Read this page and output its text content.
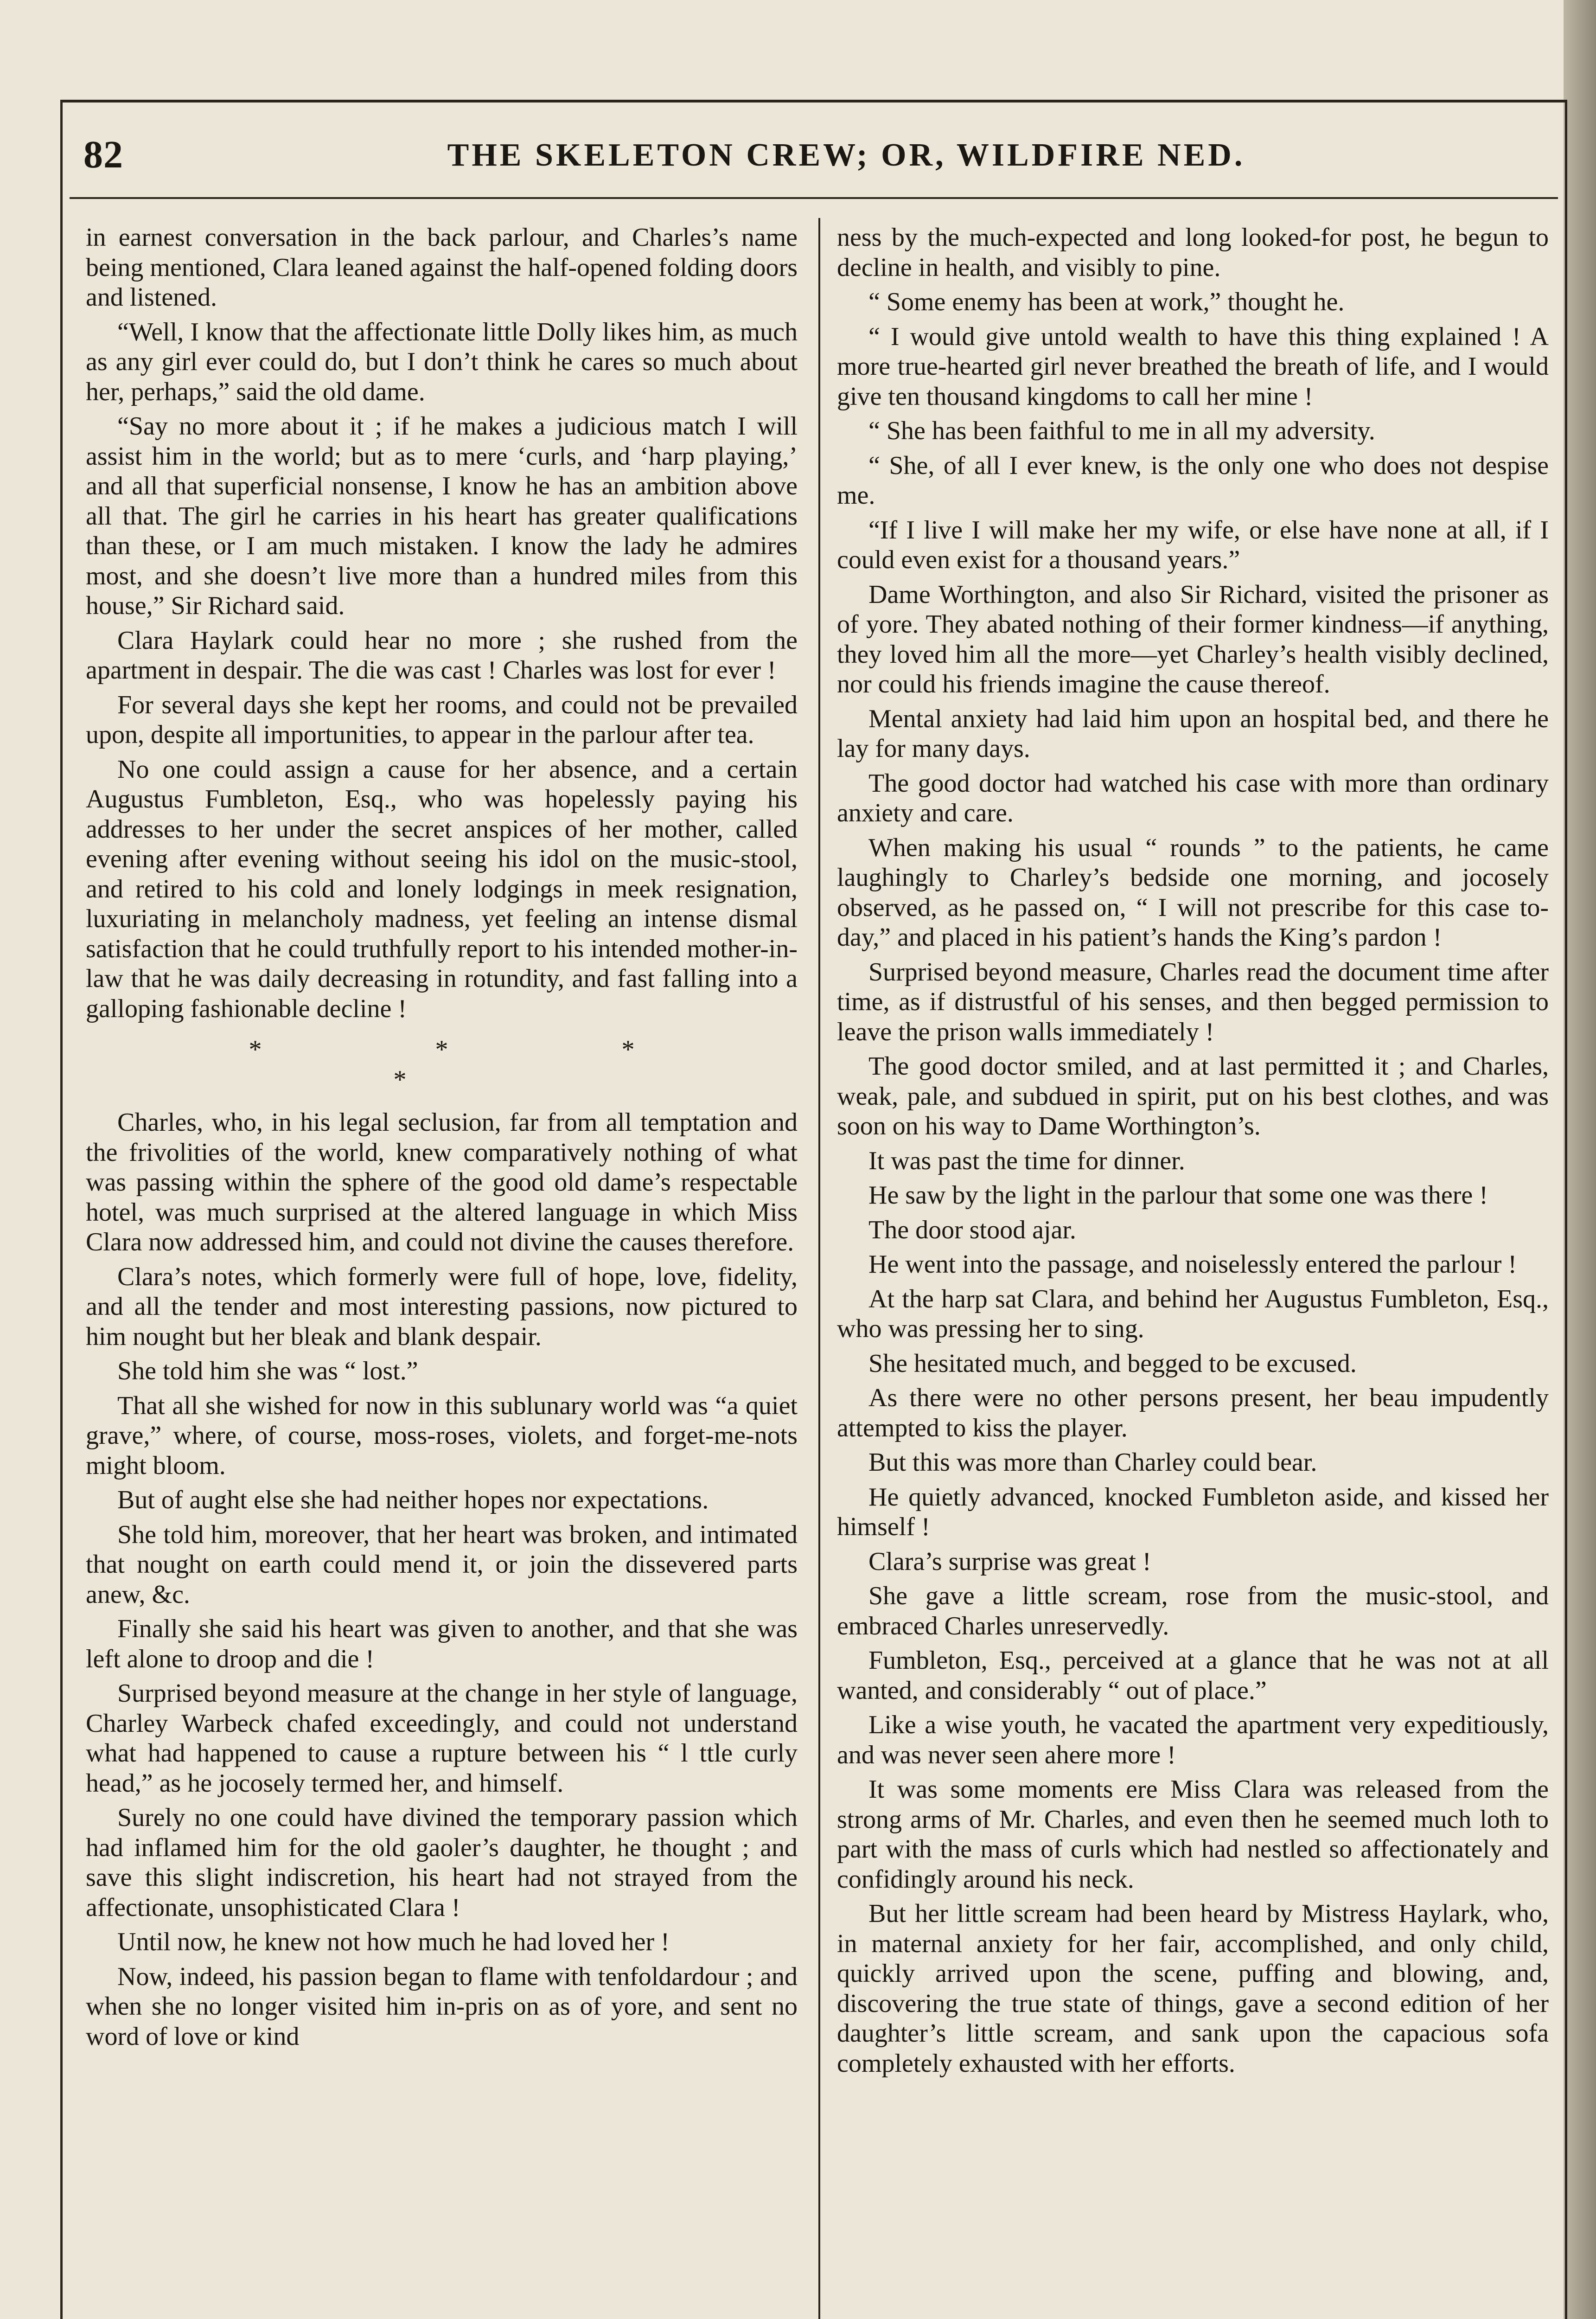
82	THE SKELETON CREW; OR, WILDFIRE NED.

in earnest conversation in the back parlour, and Charles’s name being mentioned, Clara leaned against the half-opened folding doors and listened.

“Well, I know that the affectionate little Dolly likes him, as much as any girl ever could do, but I don’t think he cares so much about her, perhaps,” said the old dame.

“Say no more about it ; if he makes a judicious match I will assist him in the world; but as to mere ‘curls, and ‘harp playing,’ and all that superficial nonsense, I know he has an ambition above all that. The girl he carries in his heart has greater qualifications than these, or I am much mistaken. I know the lady he admires most, and she doesn’t live more than a hundred miles from this house,” Sir Richard said.

Clara Haylark could hear no more ; she rushed from the apartment in despair. The die was cast ! Charles was lost for ever !

For several days she kept her rooms, and could not be prevailed upon, despite all importunities, to appear in the parlour after tea.

No one could assign a cause for her absence, and a certain Augustus Fumbleton, Esq., who was hopelessly paying his addresses to her under the secret anspices of her mother, called evening after evening without seeing his idol on the music-stool, and retired to his cold and lonely lodgings in meek resignation, luxuriating in melancholy madness, yet feeling an intense dismal satisfaction that he could truthfully report to his intended mother-in-law that he was daily decreasing in rotundity, and fast falling into a galloping fashionable decline !

* * * *

Charles, who, in his legal seclusion, far from all temptation and the frivolities of the world, knew comparatively nothing of what was passing within the sphere of the good old dame’s respectable hotel, was much surprised at the altered language in which Miss Clara now addressed him, and could not divine the causes therefore.

Clara’s notes, which formerly were full of hope, love, fidelity, and all the tender and most interesting passions, now pictured to him nought but her bleak and blank despair.

She told him she was “ lost.”

That all she wished for now in this sublunary world was “a quiet grave,” where, of course, moss-roses, violets, and forget-me-nots might bloom.

But of aught else she had neither hopes nor expectations.

She told him, moreover, that her heart was broken, and intimated that nought on earth could mend it, or join the dissevered parts anew, &c.

Finally she said his heart was given to another, and that she was left alone to droop and die !

Surprised beyond measure at the change in her style of language, Charley Warbeck chafed exceedingly, and could not understand what had happened to cause a rupture between his “ l ttle curly head,” as he jocosely termed her, and himself.

Surely no one could have divined the temporary passion which had inflamed him for the old gaoler’s daughter, he thought ; and save this slight indiscretion, his heart had not strayed from the affectionate, unsophisticated Clara !

Until now, he knew not how much he had loved her !

Now, indeed, his passion began to flame with tenfoldardour ; and when she no longer visited him in-pris on as of yore, and sent no word of love or kind

ness by the much-expected and long looked-for post, he begun to decline in health, and visibly to pine.

“ Some enemy has been at work,” thought he.

“ I would give untold wealth to have this thing explained ! A more true-hearted girl never breathed the breath of life, and I would give ten thousand kingdoms to call her mine !

“ She has been faithful to me in all my adversity.

“ She, of all I ever knew, is the only one who does not despise me.

“If I live I will make her my wife, or else have none at all, if I could even exist for a thousand years.”

Dame Worthington, and also Sir Richard, visited the prisoner as of yore. They abated nothing of their former kindness—if anything, they loved him all the more—yet Charley’s health visibly declined, nor could his friends imagine the cause thereof.

Mental anxiety had laid him upon an hospital bed, and there he lay for many days.

The good doctor had watched his case with more than ordinary anxiety and care.

When making his usual “ rounds ” to the patients, he came laughingly to Charley’s bedside one morning, and jocosely observed, as he passed on, “ I will not prescribe for this case to-day,” and placed in his patient’s hands the King’s pardon !

Surprised beyond measure, Charles read the document time after time, as if distrustful of his senses, and then begged permission to leave the prison walls immediately !

The good doctor smiled, and at last permitted it ; and Charles, weak, pale, and subdued in spirit, put on his best clothes, and was soon on his way to Dame Worthington’s.

It was past the time for dinner.

He saw by the light in the parlour that some one was there !

The door stood ajar.

He went into the passage, and noiselessly entered the parlour !

At the harp sat Clara, and behind her Augustus Fumbleton, Esq., who was pressing her to sing.

She hesitated much, and begged to be excused.

As there were no other persons present, her beau impudently attempted to kiss the player.

But this was more than Charley could bear.

He quietly advanced, knocked Fumbleton aside, and kissed her himself !

Clara’s surprise was great !

She gave a little scream, rose from the music-stool, and embraced Charles unreservedly.

Fumbleton, Esq., perceived at a glance that he was not at all wanted, and considerably “ out of place.”

Like a wise youth, he vacated the apartment very expeditiously, and was never seen ahere more !

It was some moments ere Miss Clara was released from the strong arms of Mr. Charles, and even then he seemed much loth to part with the mass of curls which had nestled so affectionately and confidingly around his neck.

But her little scream had been heard by Mistress Haylark, who, in maternal anxiety for her fair, accomplished, and only child, quickly arrived upon the scene, puffing and blowing, and, discovering the true state of things, gave a second edition of her daughter’s little scream, and sank upon the capacious sofa completely exhausted with her efforts.
